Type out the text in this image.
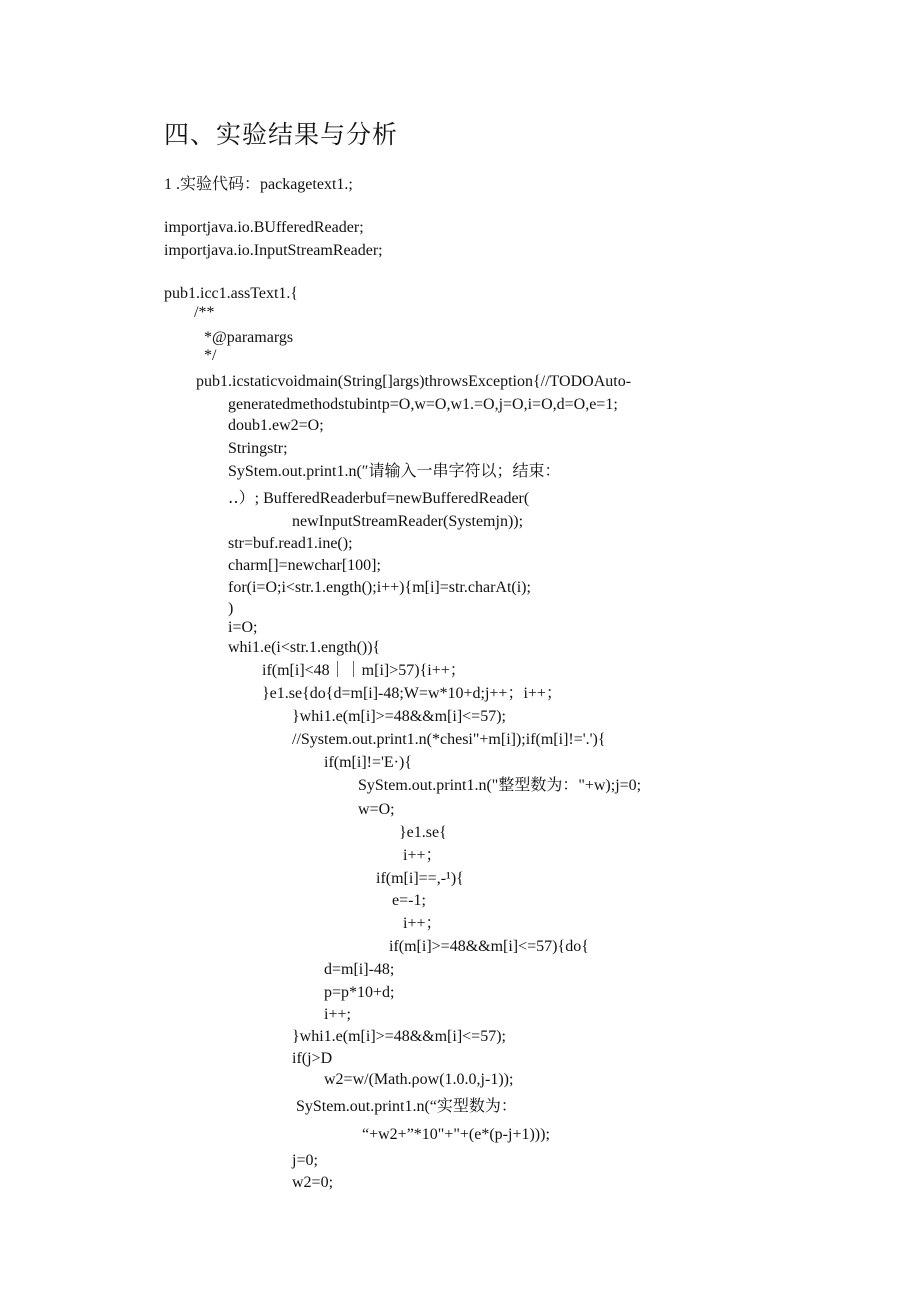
四、实验结果与分析
1 .实验代码：packagetext1.;
importjava.io.BUfferedReader;
importjava.io.InputStreamReader;
pub1.icc1.assText1.{
/**
*@paramargs
*/
pub1.icstaticvoidmain(String[]args)throwsException{//TODOAuto-
generatedmethodstubintp=O,w=O,w1.=O,j=O,i=O,d=O,e=1;
doub1.ew2=O;
Stringstr;
SyStem.out.print1.n(″请输入一串字符以；结束：
‥）; BufferedReaderbuf=newBufferedReader(
newInputStreamReader(Systemjn));
str=buf.read1.ine();
charm[]=newchar[100];
for(i=O;i<str.1.ength();i++){m[i]=str.charAt(i);
)
i=O;
whi1.e(i<str.1.ength()){
if(m[i]<48｜｜m[i]>57){i++；
}e1.se{do{d=m[i]-48;W=w*10+d;j++；i++；
}whi1.e(m[i]>=48&&m[i]<=57);
//System.out.print1.n(*chesi"+m[i]);if(m[i]!='.'){
if(m[i]!='E·){
SyStem.out.print1.n("整型数为："+w);j=0;
w=O;
}e1.se{
i++；
if(m[i]==,-¹){
e=-1;
i++；
if(m[i]>=48&&m[i]<=57){do{
d=m[i]-48;
p=p*10+d;
i++;
}whi1.e(m[i]>=48&&m[i]<=57);
if(j>D
w2=w/(Math.ρow(1.0.0,j-1));
SyStem.out.print1.n(“实型数为：
“+w2+”*10"+"+(e*(p-j+1)));
j=0;
w2=0;
